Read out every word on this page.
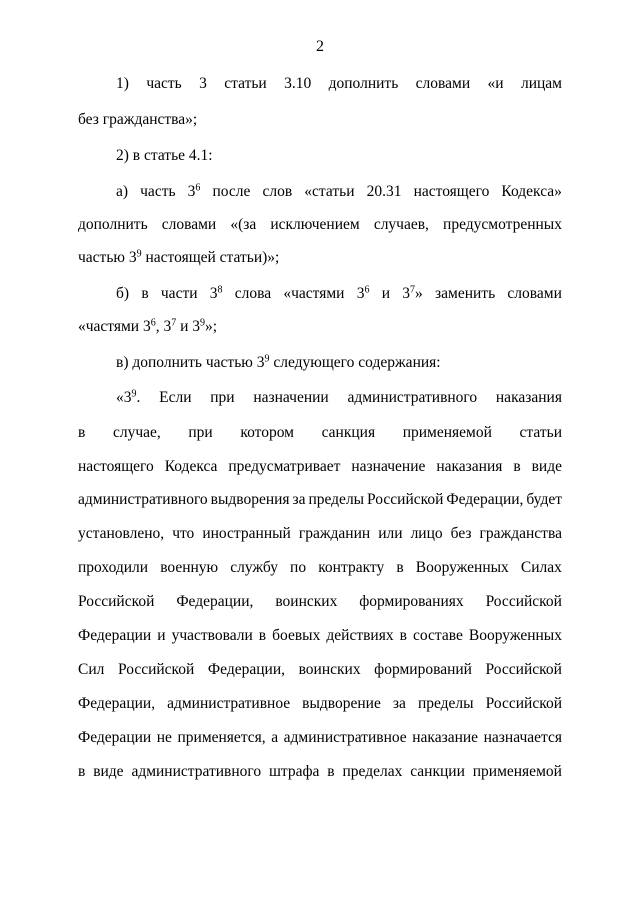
2
1) часть 3 статьи 3.10 дополнить словами «и лицам
без гражданства»;
2) в статье 4.1:
а) часть $3^6$ после слов «статьи 20.31 настоящего Кодекса»
дополнить словами «(за исключением случаев, предусмотренных
частью $3^9$ настоящей статьи)»;
б) в части $3^8$ слова «частями $3^6$ и $3^7$» заменить словами
«частями $3^6$, $3^7$ и $3^9$»;
в) дополнить частью $3^9$ следующего содержания:
«$3^9$. Если при назначении административного наказания
в случае, при котором санкция применяемой статьи
настоящего Кодекса предусматривает назначение наказания в виде
административного выдворения за пределы Российской Федерации, будет
установлено, что иностранный гражданин или лицо без гражданства
проходили военную службу по контракту в Вооруженных Силах
Российской Федерации, воинских формированиях Российской
Федерации и участвовали в боевых действиях в составе Вооруженных
Сил Российской Федерации, воинских формирований Российской
Федерации, административное выдворение за пределы Российской
Федерации не применяется, а административное наказание назначается
в виде административного штрафа в пределах санкции применяемой
